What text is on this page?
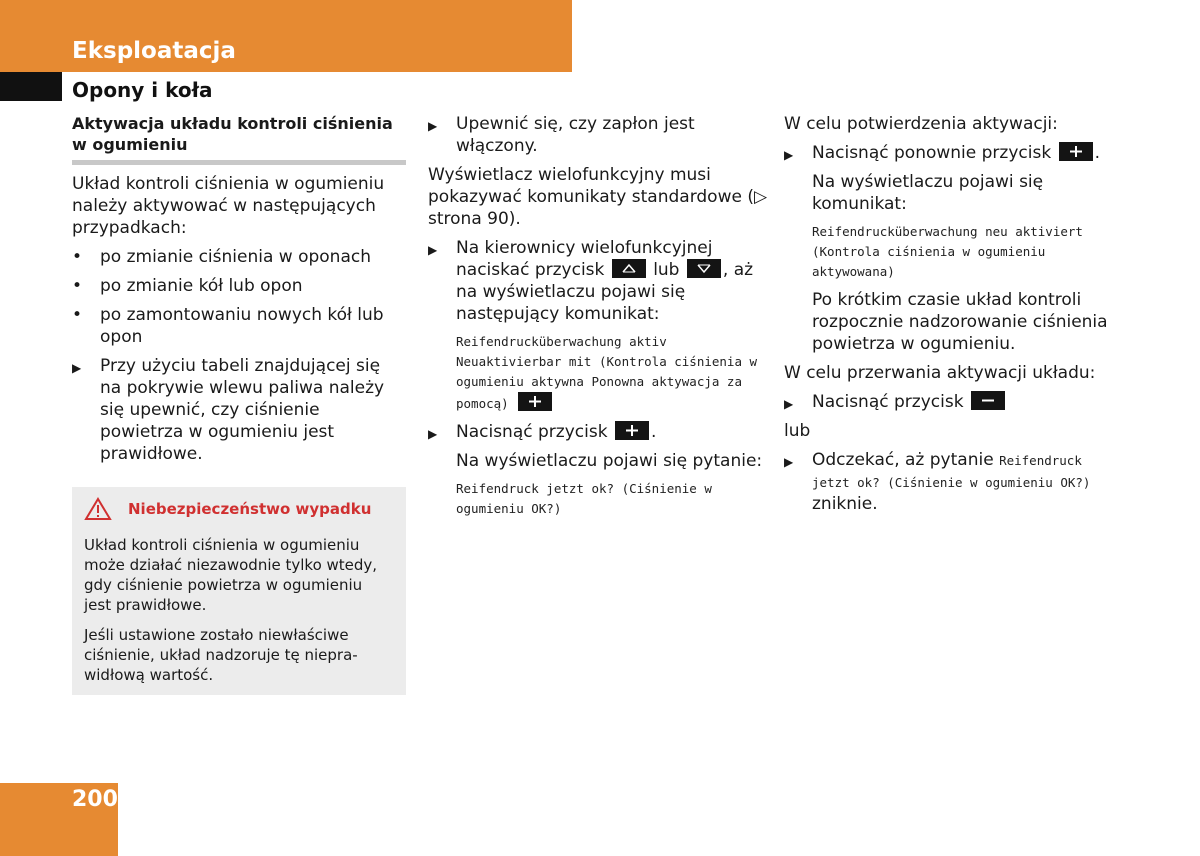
Eksploatacja
Opony i koła
Aktywacja układu kontroli ciśnienia w ogumieniu

Układ kontroli ciśnienia w ogumieniu należy aktywować w następujących przypadkach:

•	po zmianie ciśnienia w oponach
•	po zmianie kół lub opon
•	po zamontowaniu nowych kół lub opon
▶	Przy użyciu tabeli znajdującej się na pokrywie wlewu paliwa należy się upewnić, czy ciśnienie powietrza w ogumieniu jest prawidłowe.
Niebezpieczeństwo wypadku

Układ kontroli ciśnienia w ogumieniu może działać niezawodnie tylko wtedy, gdy ciśnienie powietrza w ogumieniu jest prawidłowe.

Jeśli ustawione zostało niewłaściwe ciśnienie, układ nadzoruje tę niepra-widłową wartość.

▶	Upewnić się, czy zapłon jest włączony.

Wyświetlacz wielofunkcyjny musi pokazywać komunikaty standardowe (▷ strona 90).

▶	Na kierownicy wielofunkcyjnej naciskać przycisk	lub	, aż na wyświetlaczu pojawi się następujący komunikat:
Reifendrucküberwachung aktiv Neuaktivierbar mit (Kontrola ciśnienia w ogumieniu aktywna Ponowna aktywacja za pomocą)
▶	Nacisnąć przycisk	.

Na wyświetlaczu pojawi się pytanie:

Reifendruck jetzt ok? (Ciśnienie w ogumieniu OK?)

W celu potwierdzenia aktywacji:

▶	Nacisnąć ponownie przycisk	.

Na wyświetlaczu pojawi się komunikat:

Reifendrucküberwachung neu aktiviert (Kontrola ciśnienia w ogumieniu aktywowana)

Po krótkim czasie układ kontroli rozpocznie nadzorowanie ciśnienia powietrza w ogumieniu.

W celu przerwania aktywacji układu:

▶	Nacisnąć przycisk

lub

▶	Odczekać, aż pytanie Reifendruck jetzt ok? (Ciśnienie w ogumieniu OK?) zniknie.
200
